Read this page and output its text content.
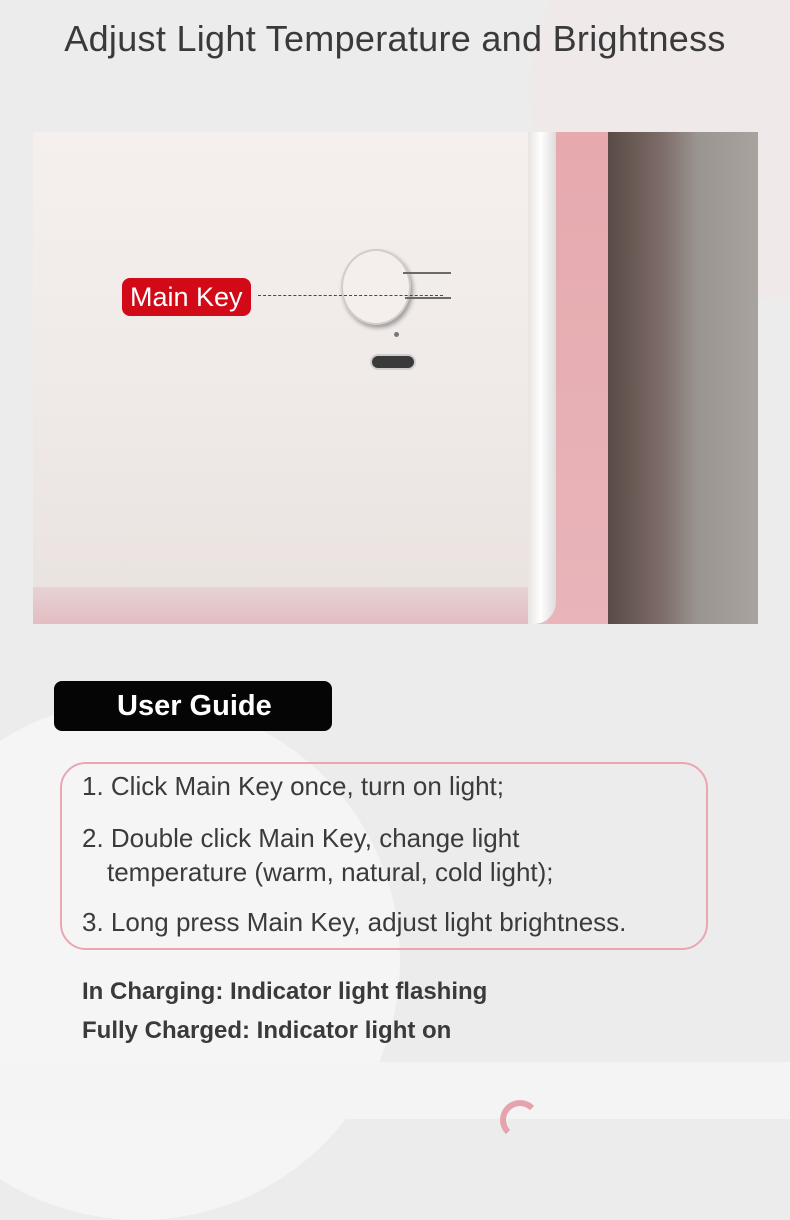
Adjust Light Temperature and Brightness
Main Key
User Guide

1. Click Main Key once, turn on light;

2. Double click Main Key, change light

temperature (warm, natural, cold light);

3. Long press Main Key, adjust light brightness.

In Charging: Indicator light flashing

Fully Charged: Indicator light on
